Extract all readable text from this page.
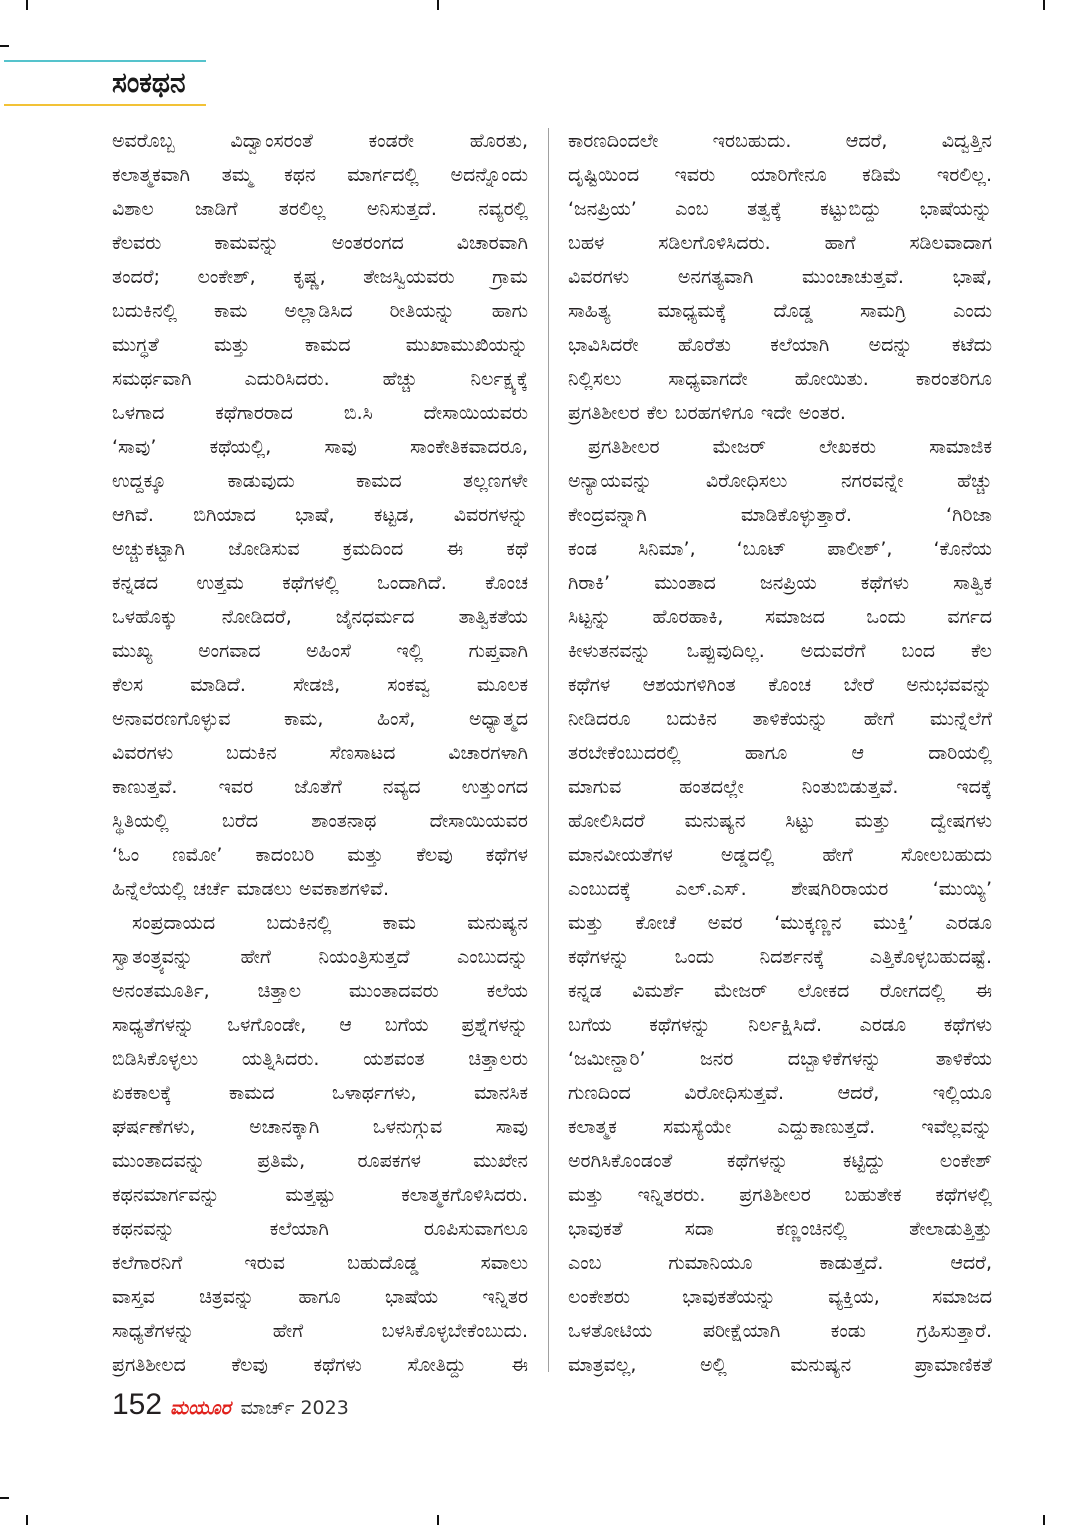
ಸಂಕಥನ
ಅವರೊಬ್ಬ ವಿದ್ವಾಂಸರಂತೆ ಕಂಡರೇ ಹೊರತು,
ಕಲಾತ್ಮಕವಾಗಿ ತಮ್ಮ ಕಥನ ಮಾರ್ಗದಲ್ಲಿ ಅದನ್ನೊಂದು
ವಿಶಾಲ ಜಾಡಿಗೆ ತರಲಿಲ್ಲ ಅನಿಸುತ್ತದೆ. ನವ್ಯರಲ್ಲಿ
ಕೆಲವರು ಕಾಮವನ್ನು ಅಂತರಂಗದ ವಿಚಾರವಾಗಿ
ತಂದರೆ; ಲಂಕೇಶ್, ಕೃಷ್ಣ, ತೇಜಸ್ವಿಯವರು ಗ್ರಾಮ
ಬದುಕಿನಲ್ಲಿ ಕಾಮ ಅಲ್ಲಾಡಿಸಿದ ರೀತಿಯನ್ನು ಹಾಗು
ಮುಗ್ಧತೆ ಮತ್ತು ಕಾಮದ ಮುಖಾಮುಖಿಯನ್ನು
ಸಮರ್ಥವಾಗಿ ಎದುರಿಸಿದರು. ಹೆಚ್ಚು ನಿರ್ಲಕ್ಷ್ಯಕ್ಕೆ
ಒಳಗಾದ ಕಥೆಗಾರರಾದ ಬಿ.ಸಿ ದೇಸಾಯಿಯವರು
‘ಸಾವು’ ಕಥೆಯಲ್ಲಿ, ಸಾವು ಸಾಂಕೇತಿಕವಾದರೂ,
ಉದ್ದಕ್ಕೂ ಕಾಡುವುದು ಕಾಮದ ತಲ್ಲಣಗಳೇ
ಆಗಿವೆ. ಬಿಗಿಯಾದ ಭಾಷೆ, ಕಟ್ಟಡ, ವಿವರಗಳನ್ನು
ಅಚ್ಚುಕಟ್ಟಾಗಿ ಜೋಡಿಸುವ ಕ್ರಮದಿಂದ ಈ ಕಥೆ
ಕನ್ನಡದ ಉತ್ತಮ ಕಥೆಗಳಲ್ಲಿ ಒಂದಾಗಿದೆ. ಕೊಂಚ
ಒಳಹೊಕ್ಕು ನೋಡಿದರೆ, ಜೈನಧರ್ಮದ ತಾತ್ವಿಕತೆಯ
ಮುಖ್ಯ ಅಂಗವಾದ ಅಹಿಂಸೆ ಇಲ್ಲಿ ಗುಪ್ತವಾಗಿ
ಕೆಲಸ ಮಾಡಿದೆ. ಸೇಡಜಿ, ಸಂಕವ್ವ ಮೂಲಕ
ಅನಾವರಣಗೊಳ್ಳುವ ಕಾಮ, ಹಿಂಸೆ, ಅಧ್ಯಾತ್ಮದ
ವಿವರಗಳು ಬದುಕಿನ ಸೆಣಸಾಟದ ವಿಚಾರಗಳಾಗಿ
ಕಾಣುತ್ತವೆ. ಇವರ ಜೊತೆಗೆ ನವ್ಯದ ಉತ್ತುಂಗದ
ಸ್ಥಿತಿಯಲ್ಲಿ ಬರೆದ ಶಾಂತನಾಥ ದೇಸಾಯಿಯವರ
‘ಓಂ ಣಮೋ’ ಕಾದಂಬರಿ ಮತ್ತು ಕೆಲವು ಕಥೆಗಳ
ಹಿನ್ನೆಲೆಯಲ್ಲಿ ಚರ್ಚೆ ಮಾಡಲು ಅವಕಾಶಗಳಿವೆ.
ಸಂಪ್ರದಾಯದ ಬದುಕಿನಲ್ಲಿ ಕಾಮ ಮನುಷ್ಯನ
ಸ್ವಾತಂತ್ರ್ಯವನ್ನು ಹೇಗೆ ನಿಯಂತ್ರಿಸುತ್ತದೆ ಎಂಬುದನ್ನು
ಅನಂತಮೂರ್ತಿ, ಚಿತ್ತಾಲ ಮುಂತಾದವರು ಕಲೆಯ
ಸಾಧ್ಯತೆಗಳನ್ನು ಒಳಗೊಂಡೇ, ಆ ಬಗೆಯ ಪ್ರಶ್ನೆಗಳನ್ನು
ಬಿಡಿಸಿಕೊಳ್ಳಲು ಯತ್ನಿಸಿದರು. ಯಶವಂತ ಚಿತ್ತಾಲರು
ಏಕಕಾಲಕ್ಕೆ ಕಾಮದ ಒಳಾರ್ಥಗಳು, ಮಾನಸಿಕ
ಘರ್ಷಣೆಗಳು, ಅಚಾನಕ್ಕಾಗಿ ಒಳನುಗ್ಗುವ ಸಾವು
ಮುಂತಾದವನ್ನು ಪ್ರತಿಮೆ, ರೂಪಕಗಳ ಮುಖೇನ
ಕಥನಮಾರ್ಗವನ್ನು ಮತ್ತಷ್ಟು ಕಲಾತ್ಮಕಗೊಳಿಸಿದರು.
ಕಥನವನ್ನು ಕಲೆಯಾಗಿ ರೂಪಿಸುವಾಗಲೂ
ಕಲೆಗಾರನಿಗೆ ಇರುವ ಬಹುದೊಡ್ಡ ಸವಾಲು
ವಾಸ್ತವ ಚಿತ್ರವನ್ನು ಹಾಗೂ ಭಾಷೆಯ ಇನ್ನಿತರ
ಸಾಧ್ಯತೆಗಳನ್ನು ಹೇಗೆ ಬಳಸಿಕೊಳ್ಳಬೇಕೆಂಬುದು.
ಪ್ರಗತಿಶೀಲದ ಕೆಲವು ಕಥೆಗಳು ಸೋತಿದ್ದು ಈ
ಕಾರಣದಿಂದಲೇ ಇರಬಹುದು. ಆದರೆ, ವಿದ್ವತ್ತಿನ
ದೃಷ್ಟಿಯಿಂದ ಇವರು ಯಾರಿಗೇನೂ ಕಡಿಮೆ ಇರಲಿಲ್ಲ.
‘ಜನಪ್ರಿಯ’ ಎಂಬ ತತ್ವಕ್ಕೆ ಕಟ್ಟುಬಿದ್ದು ಭಾಷೆಯನ್ನು
ಬಹಳ ಸಡಿಲಗೊಳಿಸಿದರು. ಹಾಗೆ ಸಡಿಲವಾದಾಗ
ವಿವರಗಳು ಅನಗತ್ಯವಾಗಿ ಮುಂಚಾಚುತ್ತವೆ. ಭಾಷೆ,
ಸಾಹಿತ್ಯ ಮಾಧ್ಯಮಕ್ಕೆ ದೊಡ್ಡ ಸಾಮಗ್ರಿ ಎಂದು
ಭಾವಿಸಿದರೇ ಹೊರೆತು ಕಲೆಯಾಗಿ ಅದನ್ನು ಕಟೆದು
ನಿಲ್ಲಿಸಲು ಸಾಧ್ಯವಾಗದೇ ಹೋಯಿತು. ಕಾರಂತರಿಗೂ
ಪ್ರಗತಿಶೀಲರ ಕೆಲ ಬರಹಗಳಿಗೂ ಇದೇ ಅಂತರ.
ಪ್ರಗತಿಶೀಲರ ಮೇಜರ್ ಲೇಖಕರು ಸಾಮಾಜಿಕ
ಅನ್ಯಾಯವನ್ನು ವಿರೋಧಿಸಲು ನಗರವನ್ನೇ ಹೆಚ್ಚು
ಕೇಂದ್ರವನ್ನಾಗಿ ಮಾಡಿಕೊಳ್ಳುತ್ತಾರೆ. ‘ಗಿರಿಜಾ
ಕಂಡ ಸಿನಿಮಾ’, ‘ಬೂಟ್ ಪಾಲೀಶ್’, ‘ಕೊನೆಯ
ಗಿರಾಕಿ’ ಮುಂತಾದ ಜನಪ್ರಿಯ ಕಥೆಗಳು ಸಾತ್ವಿಕ
ಸಿಟ್ಟನ್ನು ಹೊರಹಾಕಿ, ಸಮಾಜದ ಒಂದು ವರ್ಗದ
ಕೀಳುತನವನ್ನು ಒಪ್ಪುವುದಿಲ್ಲ. ಅದುವರೆಗೆ ಬಂದ ಕೆಲ
ಕಥೆಗಳ ಆಶಯಗಳಿಗಿಂತ ಕೊಂಚ ಬೇರೆ ಅನುಭವವನ್ನು
ನೀಡಿದರೂ ಬದುಕಿನ ತಾಳಿಕೆಯನ್ನು ಹೇಗೆ ಮುನ್ನೆಲೆಗೆ
ತರಬೇಕೆಂಬುದರಲ್ಲಿ ಹಾಗೂ ಆ ದಾರಿಯಲ್ಲಿ
ಮಾಗುವ ಹಂತದಲ್ಲೇ ನಿಂತುಬಿಡುತ್ತವೆ. ಇದಕ್ಕೆ
ಹೋಲಿಸಿದರೆ ಮನುಷ್ಯನ ಸಿಟ್ಟು ಮತ್ತು ದ್ವೇಷಗಳು
ಮಾನವೀಯತೆಗಳ ಅಡ್ಡದಲ್ಲಿ ಹೇಗೆ ಸೋಲಬಹುದು
ಎಂಬುದಕ್ಕೆ ಎಲ್.ಎಸ್. ಶೇಷಗಿರಿರಾಯರ ‘ಮುಯ್ಯಿ’
ಮತ್ತು ಕೋಚೆ ಅವರ ‘ಮುಕ್ಕಣ್ಣನ ಮುಕ್ತಿ’ ಎರಡೂ
ಕಥೆಗಳನ್ನು ಒಂದು ನಿದರ್ಶನಕ್ಕೆ ಎತ್ತಿಕೊಳ್ಳಬಹುದಷ್ಟೆ.
ಕನ್ನಡ ವಿಮರ್ಶೆ ಮೇಜರ್ ಲೋಕದ ರೋಗದಲ್ಲಿ ಈ
ಬಗೆಯ ಕಥೆಗಳನ್ನು ನಿರ್ಲಕ್ಷಿಸಿದೆ. ಎರಡೂ ಕಥೆಗಳು
‘ಜಮೀನ್ದಾರಿ’ ಜನರ ದಬ್ಬಾಳಿಕೆಗಳನ್ನು ತಾಳಿಕೆಯ
ಗುಣದಿಂದ ವಿರೋಧಿಸುತ್ತವೆ. ಆದರೆ, ಇಲ್ಲಿಯೂ
ಕಲಾತ್ಮಕ ಸಮಸ್ಯೆಯೇ ಎದ್ದುಕಾಣುತ್ತದೆ. ಇವೆಲ್ಲವನ್ನು
ಅರಗಿಸಿಕೊಂಡಂತೆ ಕಥೆಗಳನ್ನು ಕಟ್ಟಿದ್ದು ಲಂಕೇಶ್
ಮತ್ತು ಇನ್ನಿತರರು. ಪ್ರಗತಿಶೀಲರ ಬಹುತೇಕ ಕಥೆಗಳಲ್ಲಿ
ಭಾವುಕತೆ ಸದಾ ಕಣ್ಣಂಚಿನಲ್ಲಿ ತೇಲಾಡುತ್ತಿತ್ತು
ಎಂಬ ಗುಮಾನಿಯೂ ಕಾಡುತ್ತದೆ. ಆದರೆ,
ಲಂಕೇಶರು ಭಾವುಕತೆಯನ್ನು ವ್ಯಕ್ತಿಯ, ಸಮಾಜದ
ಒಳತೋಟಿಯ ಪರೀಕ್ಷೆಯಾಗಿ ಕಂಡು ಗ್ರಹಿಸುತ್ತಾರೆ.
ಮಾತ್ರವಲ್ಲ, ಅಲ್ಲಿ ಮನುಷ್ಯನ ಪ್ರಾಮಾಣಿಕತೆ
152 ಮಯೂರ ಮಾರ್ಚ್ 2023
